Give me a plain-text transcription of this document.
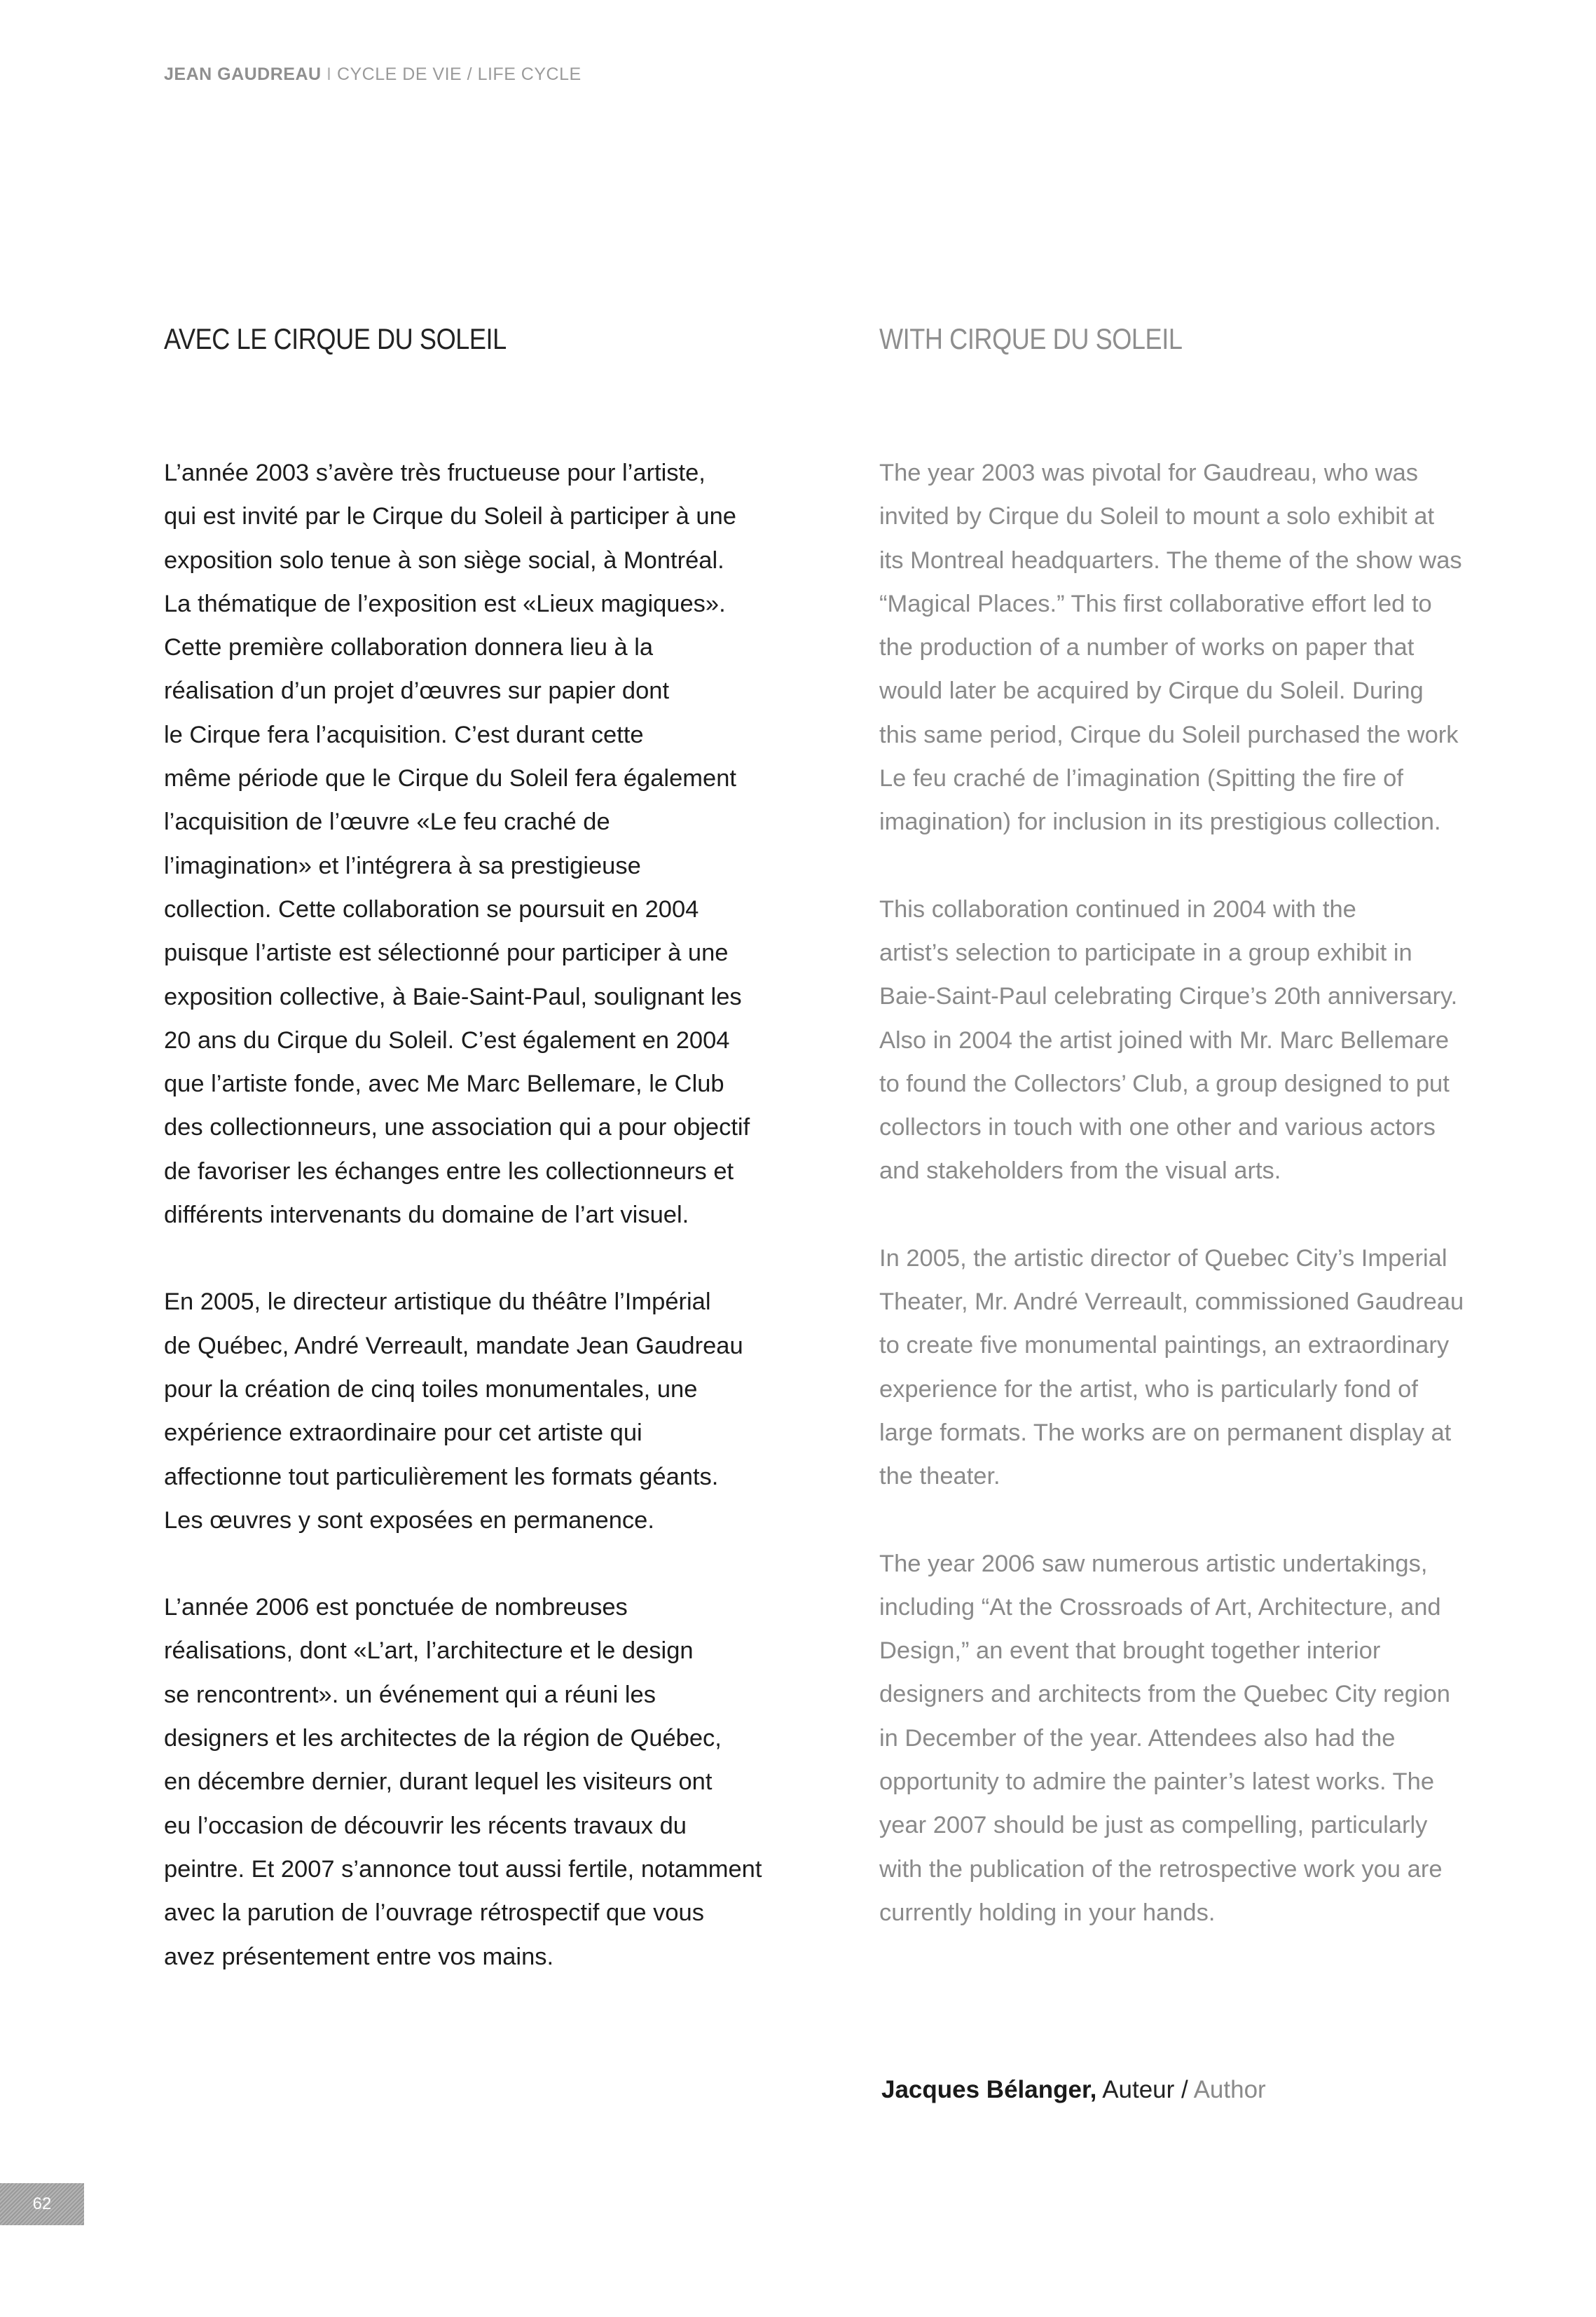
JEAN GAUDREAU I CYCLE DE VIE / LIFE CYCLE
AVEC LE CIRQUE DU SOLEIL

L’année 2003 s’avère très fructueuse pour l’artiste,
qui est invité par le Cirque du Soleil à participer à une
exposition solo tenue à son siège social, à Montréal.
La thématique de l’exposition est «Lieux magiques».
Cette première collaboration donnera lieu à la
réalisation d’un projet d’œuvres sur papier dont
le Cirque fera l’acquisition. C’est durant cette
même période que le Cirque du Soleil fera également
l’acquisition de l’œuvre «Le feu craché de
l’imagination» et l’intégrera à sa prestigieuse
collection. Cette collaboration se poursuit en 2004
puisque l’artiste est sélectionné pour participer à une
exposition collective, à Baie-Saint-Paul, soulignant les
20 ans du Cirque du Soleil. C’est également en 2004
que l’artiste fonde, avec Me Marc Bellemare, le Club
des collectionneurs, une association qui a pour objectif
de favoriser les échanges entre les collectionneurs et
différents intervenants du domaine de l’art visuel.

En 2005, le directeur artistique du théâtre l’Impérial
de Québec, André Verreault, mandate Jean Gaudreau
pour la création de cinq toiles monumentales, une
expérience extraordinaire pour cet artiste qui
affectionne tout particulièrement les formats géants.
Les œuvres y sont exposées en permanence.

L’année 2006 est ponctuée de nombreuses
réalisations, dont «L’art, l’architecture et le design
se rencontrent». un événement qui a réuni les
designers et les architectes de la région de Québec,
en décembre dernier, durant lequel les visiteurs ont
eu l’occasion de découvrir les récents travaux du
peintre. Et 2007 s’annonce tout aussi fertile, notamment
avec la parution de l’ouvrage rétrospectif que vous
avez présentement entre vos mains.

WITH CIRQUE DU SOLEIL

The year 2003 was pivotal for Gaudreau, who was
invited by Cirque du Soleil to mount a solo exhibit at
its Montreal headquarters. The theme of the show was
“Magical Places.” This first collaborative effort led to
the production of a number of works on paper that
would later be acquired by Cirque du Soleil. During
this same period, Cirque du Soleil purchased the work
Le feu craché de l’imagination (Spitting the fire of
imagination) for inclusion in its prestigious collection.

This collaboration continued in 2004 with the
artist’s selection to participate in a group exhibit in
Baie-Saint-Paul celebrating Cirque’s 20th anniversary.
Also in 2004 the artist joined with Mr. Marc Bellemare
to found the Collectors’ Club, a group designed to put
collectors in touch with one other and various actors
and stakeholders from the visual arts.

In 2005, the artistic director of Quebec City’s Imperial
Theater, Mr. André Verreault, commissioned Gaudreau
to create five monumental paintings, an extraordinary
experience for the artist, who is particularly fond of
large formats. The works are on permanent display at
the theater.

The year 2006 saw numerous artistic undertakings,
including “At the Crossroads of Art, Architecture, and
Design,” an event that brought together interior
designers and architects from the Quebec City region
in December of the year. Attendees also had the
opportunity to admire the painter’s latest works. The
year 2007 should be just as compelling, particularly
with the publication of the retrospective work you are
currently holding in your hands.

Jacques Bélanger, Auteur / Author
62
